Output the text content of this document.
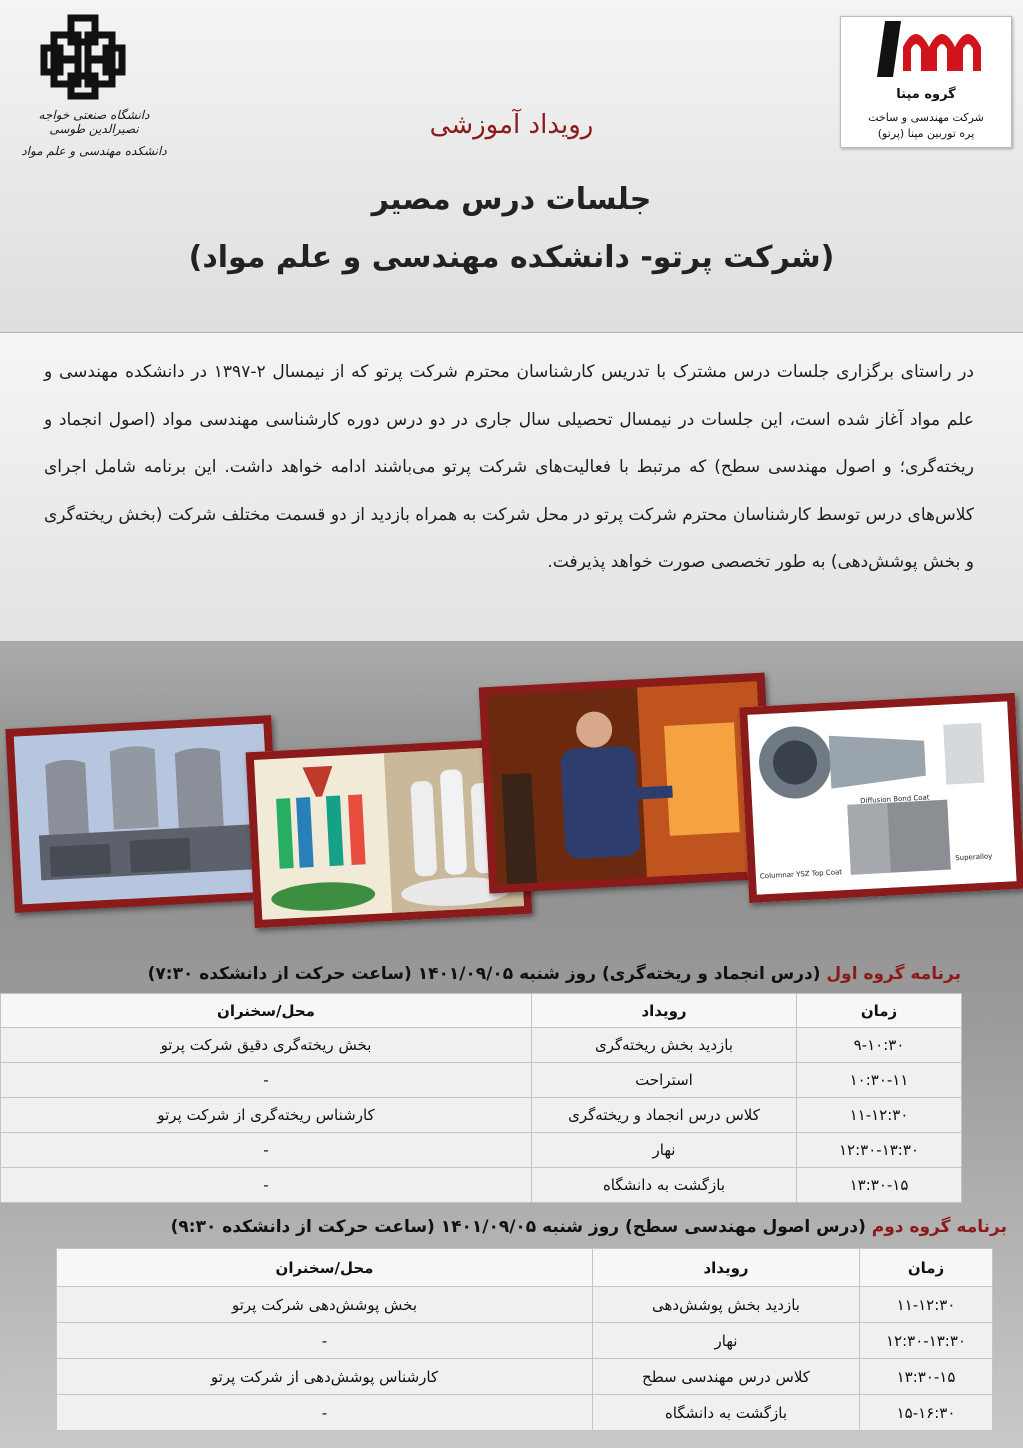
دانشگاه صنعتی خواجه نصیرالدین طوسی
دانشکده مهندسی و علم مواد
گروه مپنا
شرکت مهندسی و ساخت
پره توربین مپنا (پرتو)
رویداد آموزشی
جلسات درس مصیر
(شرکت پرتو- دانشکده مهندسی و علم مواد)

در راستای برگزاری جلسات درس مشترک با تدریس کارشناسان محترم شرکت پرتو که از نیمسال ۲-۱۳۹۷ در دانشکده مهندسی و علم مواد آغاز شده است، این جلسات در نیمسال تحصیلی سال جاری در دو درس دوره کارشناسی مهندسی مواد (اصول انجماد و ریخته‌گری؛ و اصول مهندسی سطح) که مرتبط با فعالیت‌های شرکت پرتو می‌باشند ادامه خواهد داشت. این برنامه شامل اجرای کلاس‌های درس توسط کارشناسان محترم شرکت پرتو در محل شرکت به همراه بازدید از دو قسمت مختلف شرکت (بخش ریخته‌گری و بخش پوشش‌دهی) به طور تخصصی صورت خواهد پذیرفت.

Diffusion Bond Coat
Superalloy
Columnar YSZ Top Coat
برنامه گروه اول (درس انجماد و ریخته‌گری) روز شنبه ۱۴۰۱/۰۹/۰۵ (ساعت حرکت از دانشکده ۷:۳۰)
زمان	رویداد	محل/سخنران
۹-۱۰:۳۰	بازدید بخش ریخته‌گری	بخش ریخته‌گری دقیق شرکت پرتو
۱۰:۳۰-۱۱	استراحت	-
۱۱-۱۲:۳۰	کلاس درس انجماد و ریخته‌گری	کارشناس ریخته‌گری از شرکت پرتو
۱۲:۳۰-۱۳:۳۰	نهار	-
۱۳:۳۰-۱۵	بازگشت به دانشگاه	-
برنامه گروه دوم (درس اصول مهندسی سطح) روز شنبه ۱۴۰۱/۰۹/۰۵ (ساعت حرکت از دانشکده ۹:۳۰)
زمان	رویداد	محل/سخنران
۱۱-۱۲:۳۰	بازدید بخش پوشش‌دهی	بخش پوشش‌دهی شرکت پرتو
۱۲:۳۰-۱۳:۳۰	نهار	-
۱۳:۳۰-۱۵	کلاس درس مهندسی سطح	کارشناس پوشش‌دهی از شرکت پرتو
۱۵-۱۶:۳۰	بازگشت به دانشگاه	-
